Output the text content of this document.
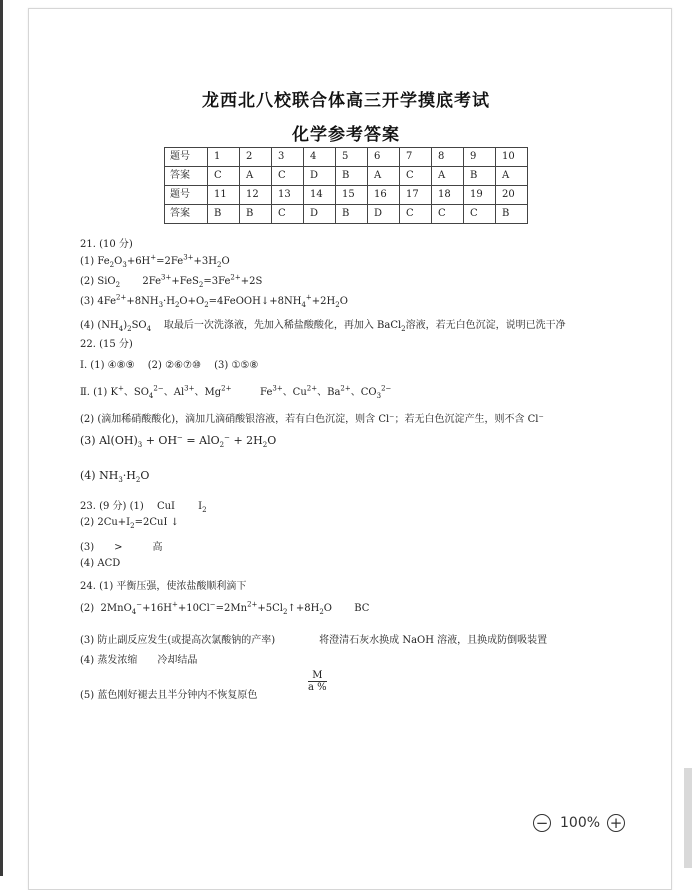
龙西北八校联合体高三开学摸底考试
化学参考答案
题号	1	2	3	4	5	6	7	8	9	10
答案	C	A	C	D	B	A	C	A	B	A
题号	11	12	13	14	15	16	17	18	19	20
答案	B	B	C	D	B	D	C	C	C	B
21. (10 分)
(1) $Fe_2O_3+6H^+=2Fe^{3+}+3H_2O$
(2) SiO$_2$       $2Fe^{3+}+FeS_2=3Fe^{2+}+2S$
(3) $4Fe^{2+}+8NH_3\cdot H_2O+O_2=4FeOOH↓+8NH_4^++2H_2O$
(4) $(NH_4)_2SO_4$ 取最后一次洗涤液，先加入稀盐酸酸化，再加入 BaCl$_2$溶液，若无白色沉淀，说明已洗干净
22. (15 分)
Ⅰ. (1) ④⑧⑨　 (2) ②⑥⑦⑩　 (3) ①⑤⑧
Ⅱ. (1) K+、$SO_4^{2-}$、$Al^{3+}$、$Mg^{2+}$         $Fe^{3+}$、$Cu^{2+}$、$Ba^{2+}$、$CO_3^{2-}$
(2) (滴加稀硝酸酸化)，滴加几滴硝酸银溶液，若有白色沉淀，则含 Cl⁻；若无白色沉淀产生，则不含 Cl⁻
(3) $Al(OH)_3 + OH^- = AlO_2^- + 2H_2O$
(4) $NH_3\cdot H_2O$
23. (9 分) (1)　 CuI　 　$I_2$
(2) $2Cu+I_2=2CuI$ ↓
(3)　　>　　　高
(4) ACD
24. (1) 平衡压强，使浓盐酸顺利滴下
(2)  $2MnO_4^-+16H^++10Cl^-=2Mn^{2+}+5Cl_2↑+8H_2O$       BC
(3) 防止副反应发生(或提高次氯酸钠的产率)	将澄清石灰水换成 NaOH 溶液，且换成防倒吸装置
(4) 蒸发浓缩　　冷却结晶
(5) 蓝色刚好褪去且半分钟内不恢复原色
$\frac{M}{a \%}$
− 100% +
